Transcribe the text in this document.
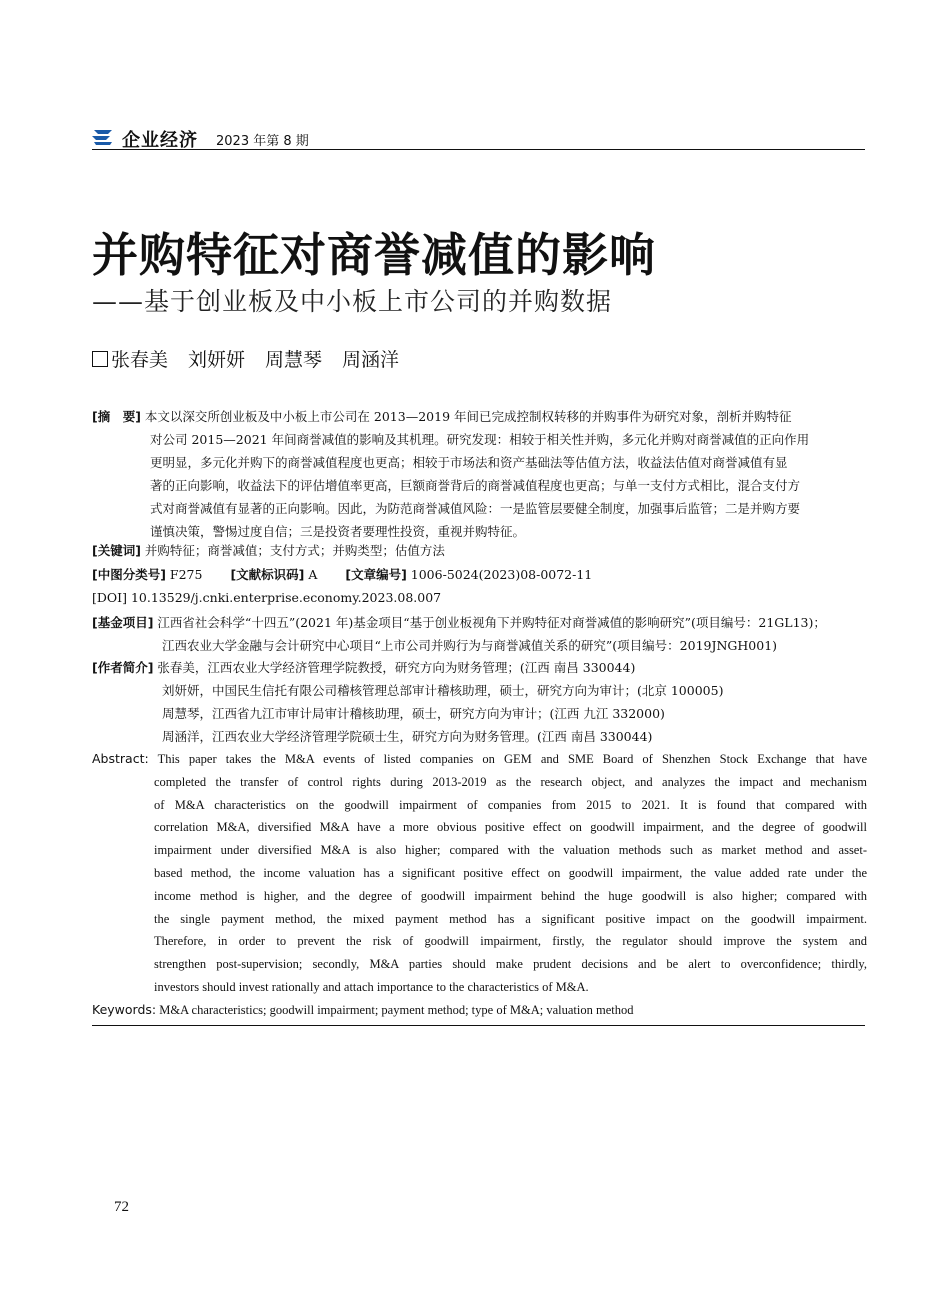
企业经济 2023 年第 8 期
并购特征对商誉减值的影响
——基于创业板及中小板上市公司的并购数据
张春美 刘妍妍 周慧琴 周涵洋
[摘　要] 本文以深交所创业板及中小板上市公司在 2013—2019 年间已完成控制权转移的并购事件为研究对象，剖析并购特征
对公司 2015—2021 年间商誉减值的影响及其机理。研究发现：相较于相关性并购，多元化并购对商誉减值的正向作用
更明显，多元化并购下的商誉减值程度也更高；相较于市场法和资产基础法等估值方法，收益法估值对商誉减值有显
著的正向影响，收益法下的评估增值率更高，巨额商誉背后的商誉减值程度也更高；与单一支付方式相比，混合支付方
式对商誉减值有显著的正向影响。因此，为防范商誉减值风险：一是监管层要健全制度，加强事后监管；二是并购方要
谨慎决策，警惕过度自信；三是投资者要理性投资，重视并购特征。
[关键词] 并购特征；商誉减值；支付方式；并购类型；估值方法
[中图分类号] F275 [文献标识码] A [文章编号] 1006-5024(2023)08-0072-11
[DOI] 10.13529/j.cnki.enterprise.economy.2023.08.007
[基金项目] 江西省社会科学“十四五”(2021 年)基金项目“基于创业板视角下并购特征对商誉减值的影响研究”(项目编号：21GL13)；
江西农业大学金融与会计研究中心项目“上市公司并购行为与商誉减值关系的研究”(项目编号：2019JNGH001)
[作者简介] 张春美，江西农业大学经济管理学院教授，研究方向为财务管理；(江西 南昌 330044)
刘妍妍，中国民生信托有限公司稽核管理总部审计稽核助理，硕士，研究方向为审计；(北京 100005)
周慧琴，江西省九江市审计局审计稽核助理，硕士，研究方向为审计；(江西 九江 332000)
周涵洋，江西农业大学经济管理学院硕士生，研究方向为财务管理。(江西 南昌 330044)
Abstract: This paper takes the M&A events of listed companies on GEM and SME Board of Shenzhen Stock Exchange that have
completed the transfer of control rights during 2013-2019 as the research object, and analyzes the impact and mechanism
of M&A characteristics on the goodwill impairment of companies from 2015 to 2021. It is found that compared with
correlation M&A, diversified M&A have a more obvious positive effect on goodwill impairment, and the degree of goodwill
impairment under diversified M&A is also higher; compared with the valuation methods such as market method and asset-
based method, the income valuation has a significant positive effect on goodwill impairment, the value added rate under the
income method is higher, and the degree of goodwill impairment behind the huge goodwill is also higher; compared with
the single payment method, the mixed payment method has a significant positive impact on the goodwill impairment.
Therefore, in order to prevent the risk of goodwill impairment, firstly, the regulator should improve the system and
strengthen post-supervision; secondly, M&A parties should make prudent decisions and be alert to overconfidence; thirdly,
investors should invest rationally and attach importance to the characteristics of M&A.
Keywords: M&A characteristics; goodwill impairment; payment method; type of M&A; valuation method
72
